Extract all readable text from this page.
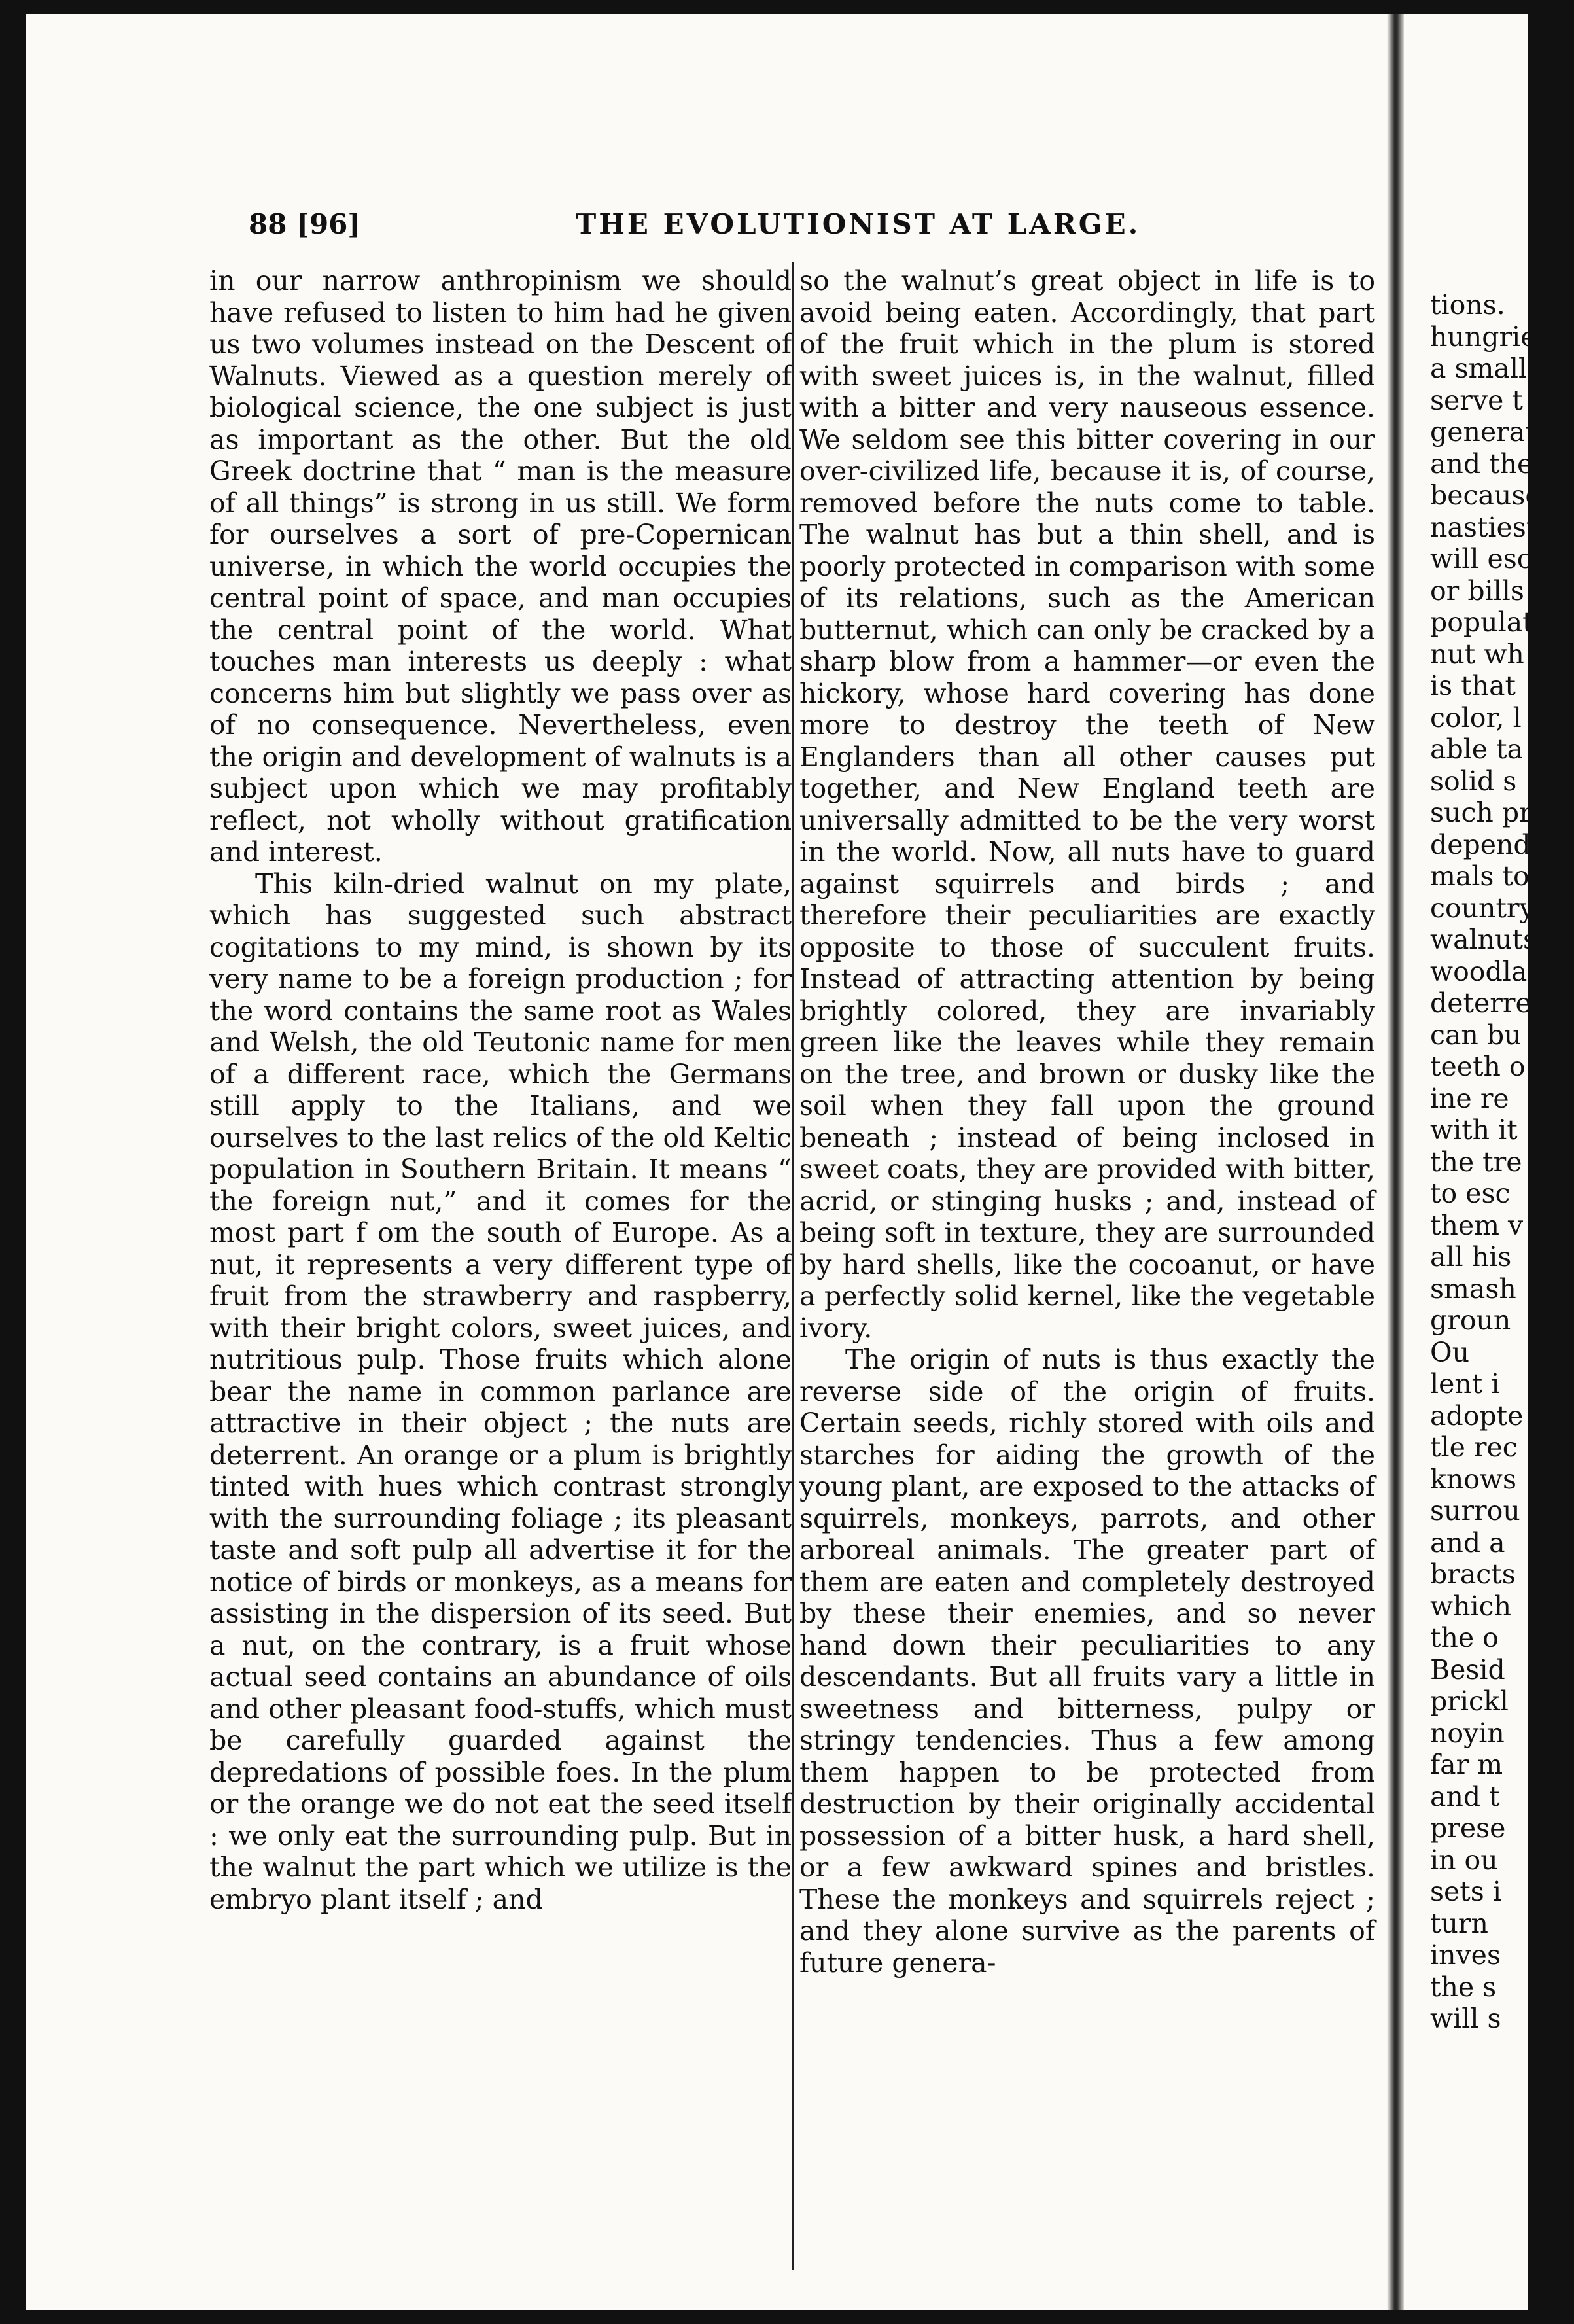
tions.
hungrie
a small
serve t
generat
and the
because
nastiest
will esc
or bills
populat
nut wh
is that
color, l
able ta
solid s
such pr
depend
mals to
country
walnuts
woodla
deterre
can bu
teeth o
ine re
with it
the tre
to esc
them v
all his
smash
groun
Ou
lent i
adopte
tle rec
knows
surrou
and a
bracts
which
the o
Besid
prickl
noyin
far m
and t
prese
in ou
sets i
turn
inves
the s
will s
88 [96]	THE EVOLUTIONIST AT LARGE.

in our narrow anthropinism we should have refused to listen to him had he given us two volumes instead on the Descent of Walnuts. Viewed as a question merely of biological science, the one subject is just as important as the other. But the old Greek doctrine that “ man is the measure of all things” is strong in us still. We form for ourselves a sort of pre-Copernican universe, in which the world occupies the central point of space, and man occupies the central point of the world. What touches man interests us deeply : what concerns him but slightly we pass over as of no consequence. Nevertheless, even the origin and development of walnuts is a subject upon which we may profitably reflect, not wholly without gratification and interest.

This kiln-dried walnut on my plate, which has suggested such abstract cogitations to my mind, is shown by its very name to be a foreign production ; for the word contains the same root as Wales and Welsh, the old Teutonic name for men of a different race, which the Germans still apply to the Italians, and we ourselves to the last relics of the old Keltic population in Southern Britain. It means “ the foreign nut,” and it comes for the most part f om the south of Europe. As a nut, it represents a very different type of fruit from the strawberry and raspberry, with their bright colors, sweet juices, and nutritious pulp. Those fruits which alone bear the name in common parlance are attractive in their object ; the nuts are deterrent. An orange or a plum is brightly tinted with hues which contrast strongly with the surrounding foliage ; its pleasant taste and soft pulp all advertise it for the notice of birds or monkeys, as a means for assisting in the dispersion of its seed. But a nut, on the contrary, is a fruit whose actual seed contains an abundance of oils and other pleasant food-stuffs, which must be carefully guarded against the depredations of possible foes. In the plum or the orange we do not eat the seed itself : we only eat the surrounding pulp. But in the walnut the part which we utilize is the embryo plant itself ; and

so the walnut’s great object in life is to avoid being eaten. Accordingly, that part of the fruit which in the plum is stored with sweet juices is, in the walnut, filled with a bitter and very nauseous essence. We seldom see this bitter covering in our over-civilized life, because it is, of course, removed before the nuts come to table. The walnut has but a thin shell, and is poorly protected in comparison with some of its relations, such as the American butternut, which can only be cracked by a sharp blow from a hammer—or even the hickory, whose hard covering has done more to destroy the teeth of New Englanders than all other causes put together, and New England teeth are universally admitted to be the very worst in the world. Now, all nuts have to guard against squirrels and birds ; and therefore their peculiarities are exactly opposite to those of succulent fruits. Instead of attracting attention by being brightly colored, they are invariably green like the leaves while they remain on the tree, and brown or dusky like the soil when they fall upon the ground beneath ; instead of being inclosed in sweet coats, they are provided with bitter, acrid, or stinging husks ; and, instead of being soft in texture, they are surrounded by hard shells, like the cocoanut, or have a perfectly solid kernel, like the vegetable ivory.

The origin of nuts is thus exactly the reverse side of the origin of fruits. Certain seeds, richly stored with oils and starches for aiding the growth of the young plant, are exposed to the attacks of squirrels, monkeys, parrots, and other arboreal animals. The greater part of them are eaten and completely destroyed by these their enemies, and so never hand down their peculiarities to any descendants. But all fruits vary a little in sweetness and bitterness, pulpy or stringy tendencies. Thus a few among them happen to be protected from destruction by their originally accidental possession of a bitter husk, a hard shell, or a few awkward spines and bristles. These the monkeys and squirrels reject ; and they alone survive as the parents of future genera-
